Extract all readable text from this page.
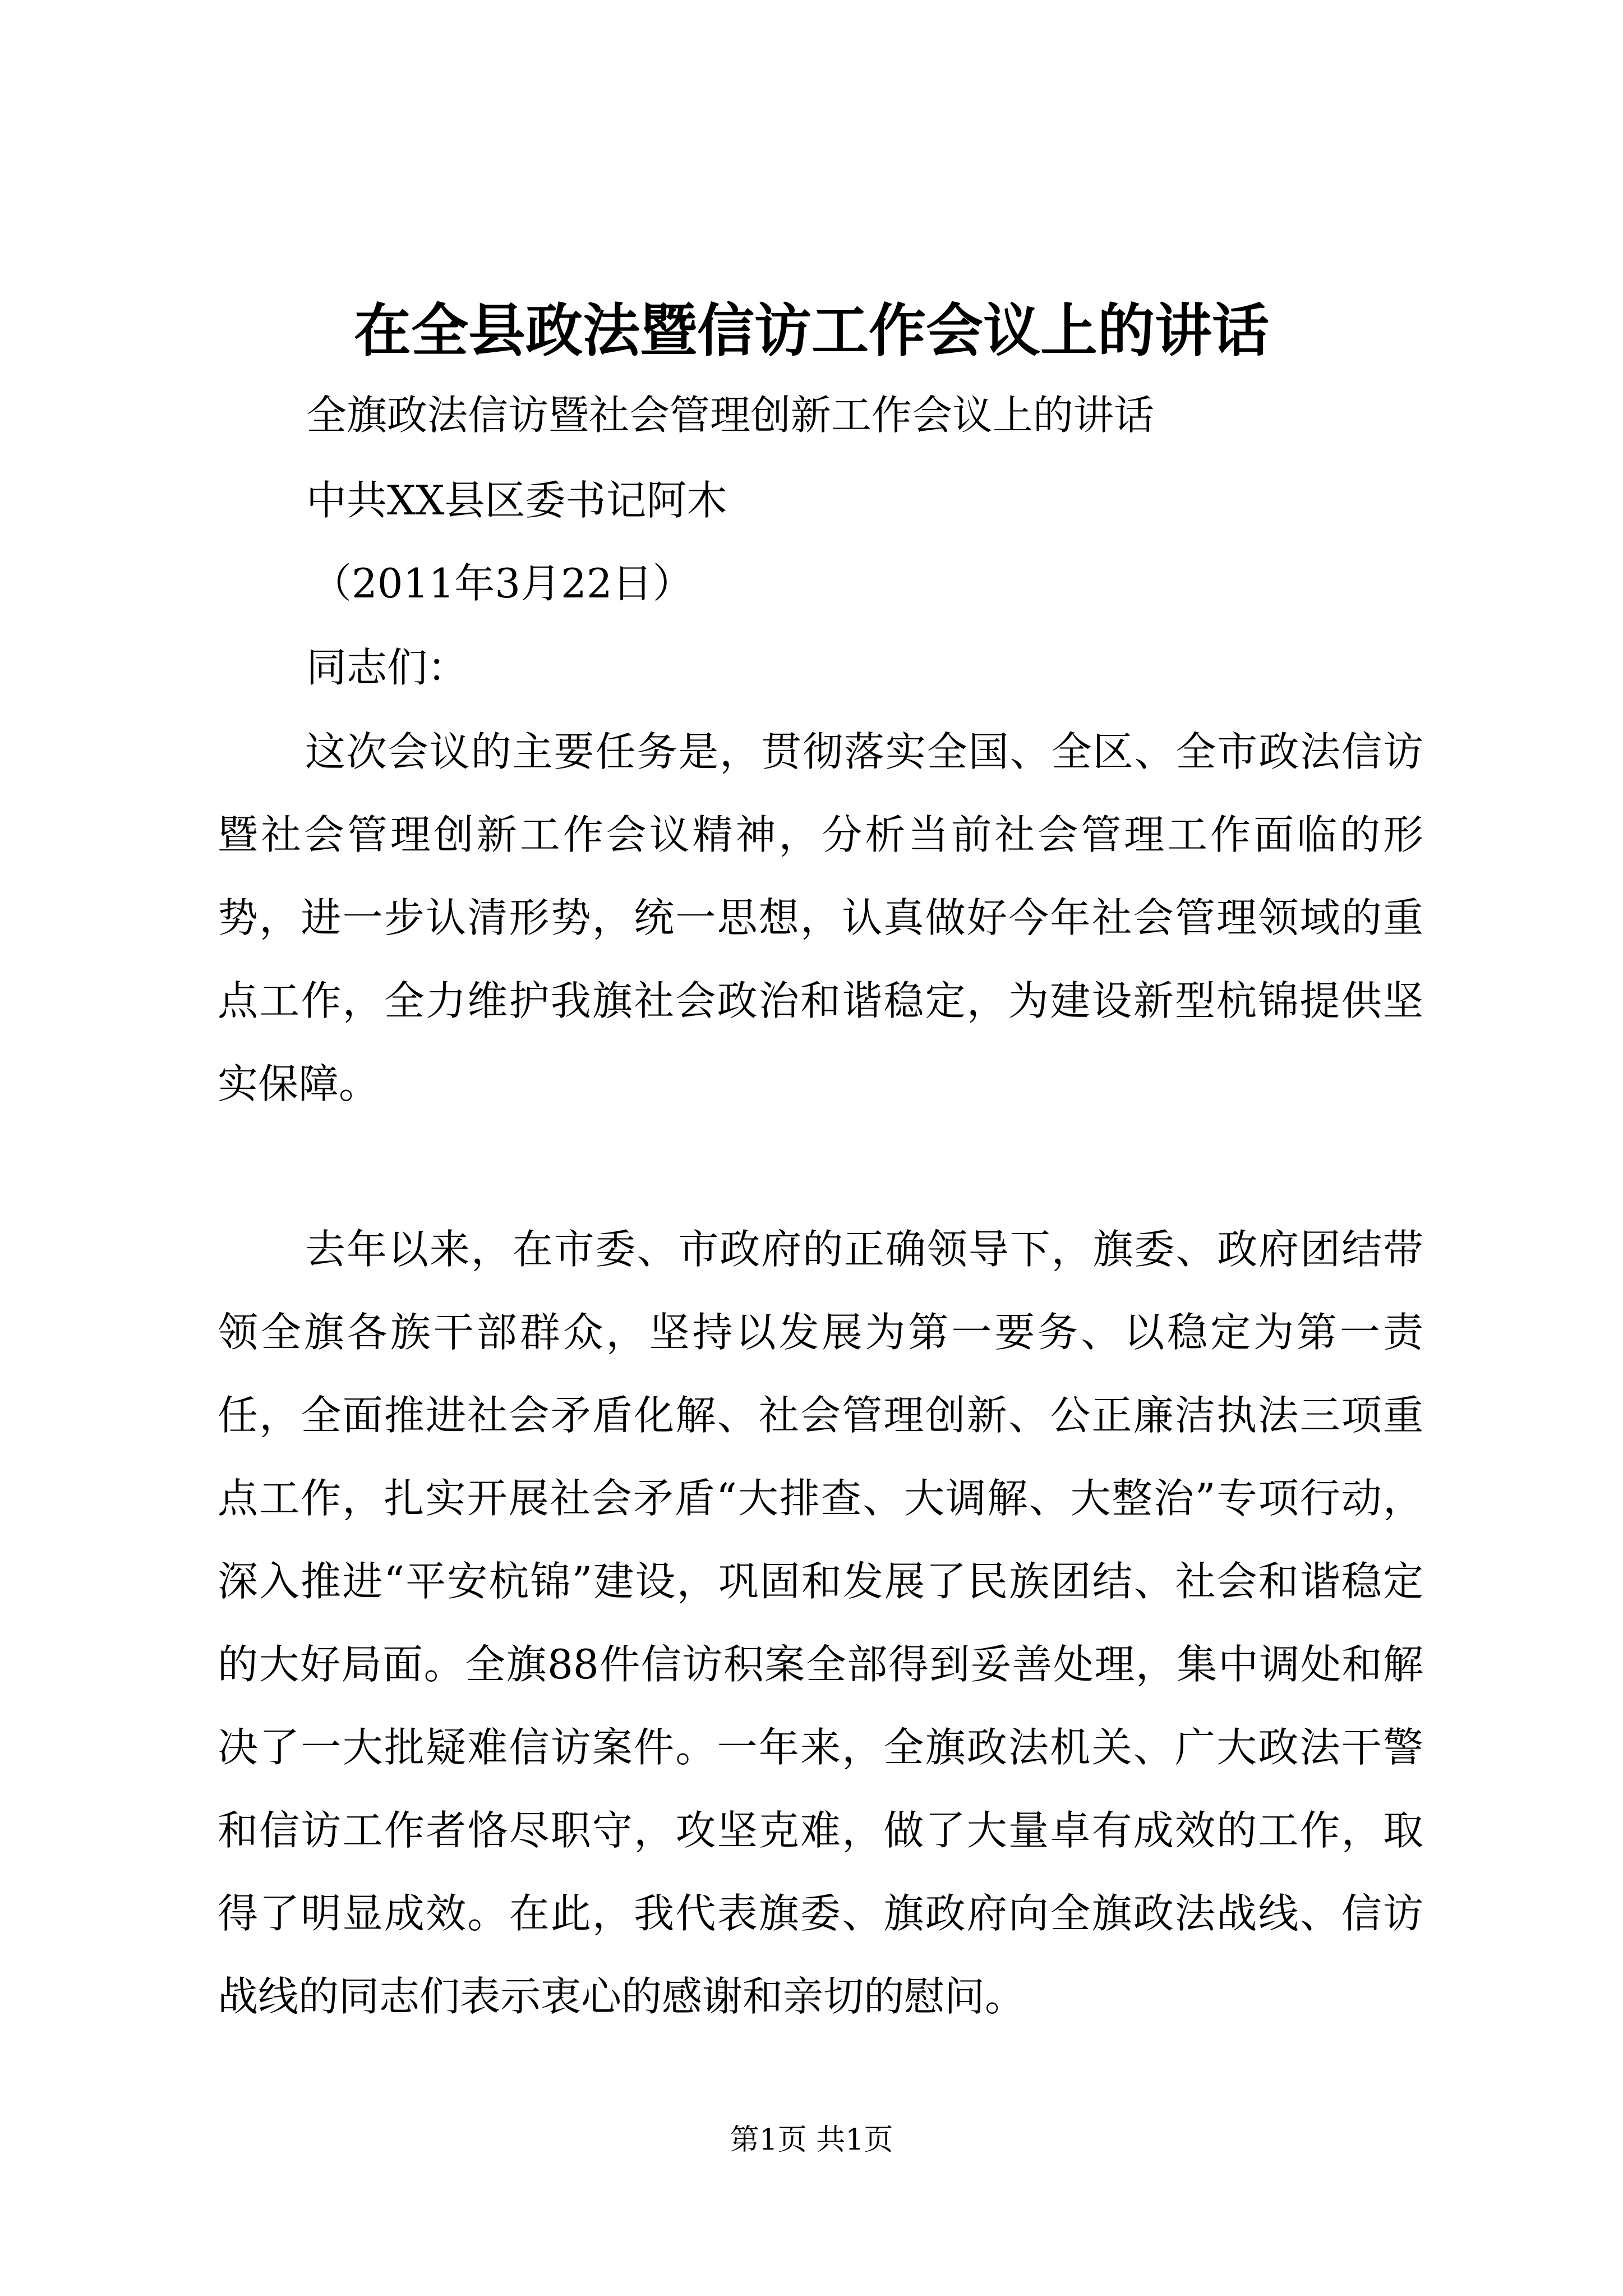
在全县政法暨信访工作会议上的讲话

全旗政法信访暨社会管理创新工作会议上的讲话

中共XX县区委书记阿木

（2011年3月22日）

同志们：

这次会议的主要任务是，贯彻落实全国、全区、全市政法信访暨社会管理创新工作会议精神，分析当前社会管理工作面临的形势，进一步认清形势，统一思想，认真做好今年社会管理领域的重点工作，全力维护我旗社会政治和谐稳定，为建设新型杭锦提供坚实保障。

去年以来，在市委、市政府的正确领导下，旗委、政府团结带领全旗各族干部群众，坚持以发展为第一要务、以稳定为第一责任，全面推进社会矛盾化解、社会管理创新、公正廉洁执法三项重点工作，扎实开展社会矛盾“大排查、大调解、大整治”专项行动，深入推进“平安杭锦”建设，巩固和发展了民族团结、社会和谐稳定的大好局面。全旗88件信访积案全部得到妥善处理，集中调处和解决了一大批疑难信访案件。一年来，全旗政法机关、广大政法干警和信访工作者恪尽职守，攻坚克难，做了大量卓有成效的工作，取得了明显成效。在此，我代表旗委、旗政府向全旗政法战线、信访战线的同志们表示衷心的感谢和亲切的慰问。

第1页 共1页
